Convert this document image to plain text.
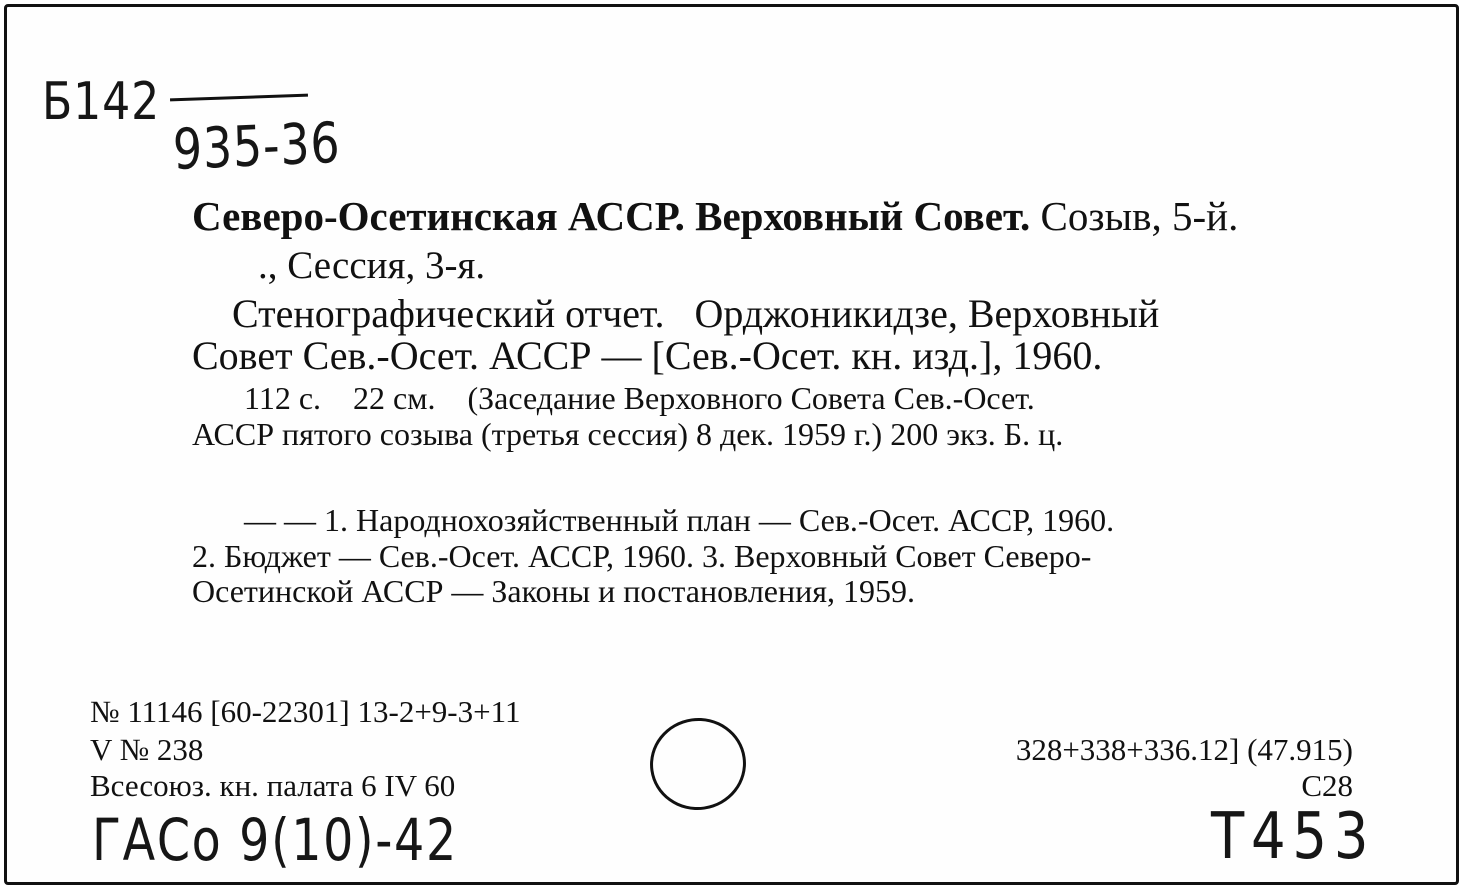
Б142
935-36
Северо-Осетинская АССР. Верховный Совет. Созыв, 5-й.
., Сессия, 3-я.
Стенографический отчет.   Орджоникидзе, Верховный
Совет Сев.-Осет. АССР — [Сев.-Осет. кн. изд.], 1960.
112 с.    22 см.    (Заседание Верховного Совета Сев.-Осет.
АССР пятого созыва (третья сессия) 8 дек. 1959 г.) 200 экз. Б. ц.
— — 1. Народнохозяйственный план — Сев.-Осет. АССР, 1960.
2. Бюджет — Сев.-Осет. АССР, 1960. 3. Верховный Совет Северо-
Осетинской АССР — Законы и постановления, 1959.
№ 11146 [60-22301] 13-2+9-3+11
V № 238
Всесоюз. кн. палата 6 IV 60
328+338+336.12] (47.915)
С28
ГАСо 9(10)-42	Т453
